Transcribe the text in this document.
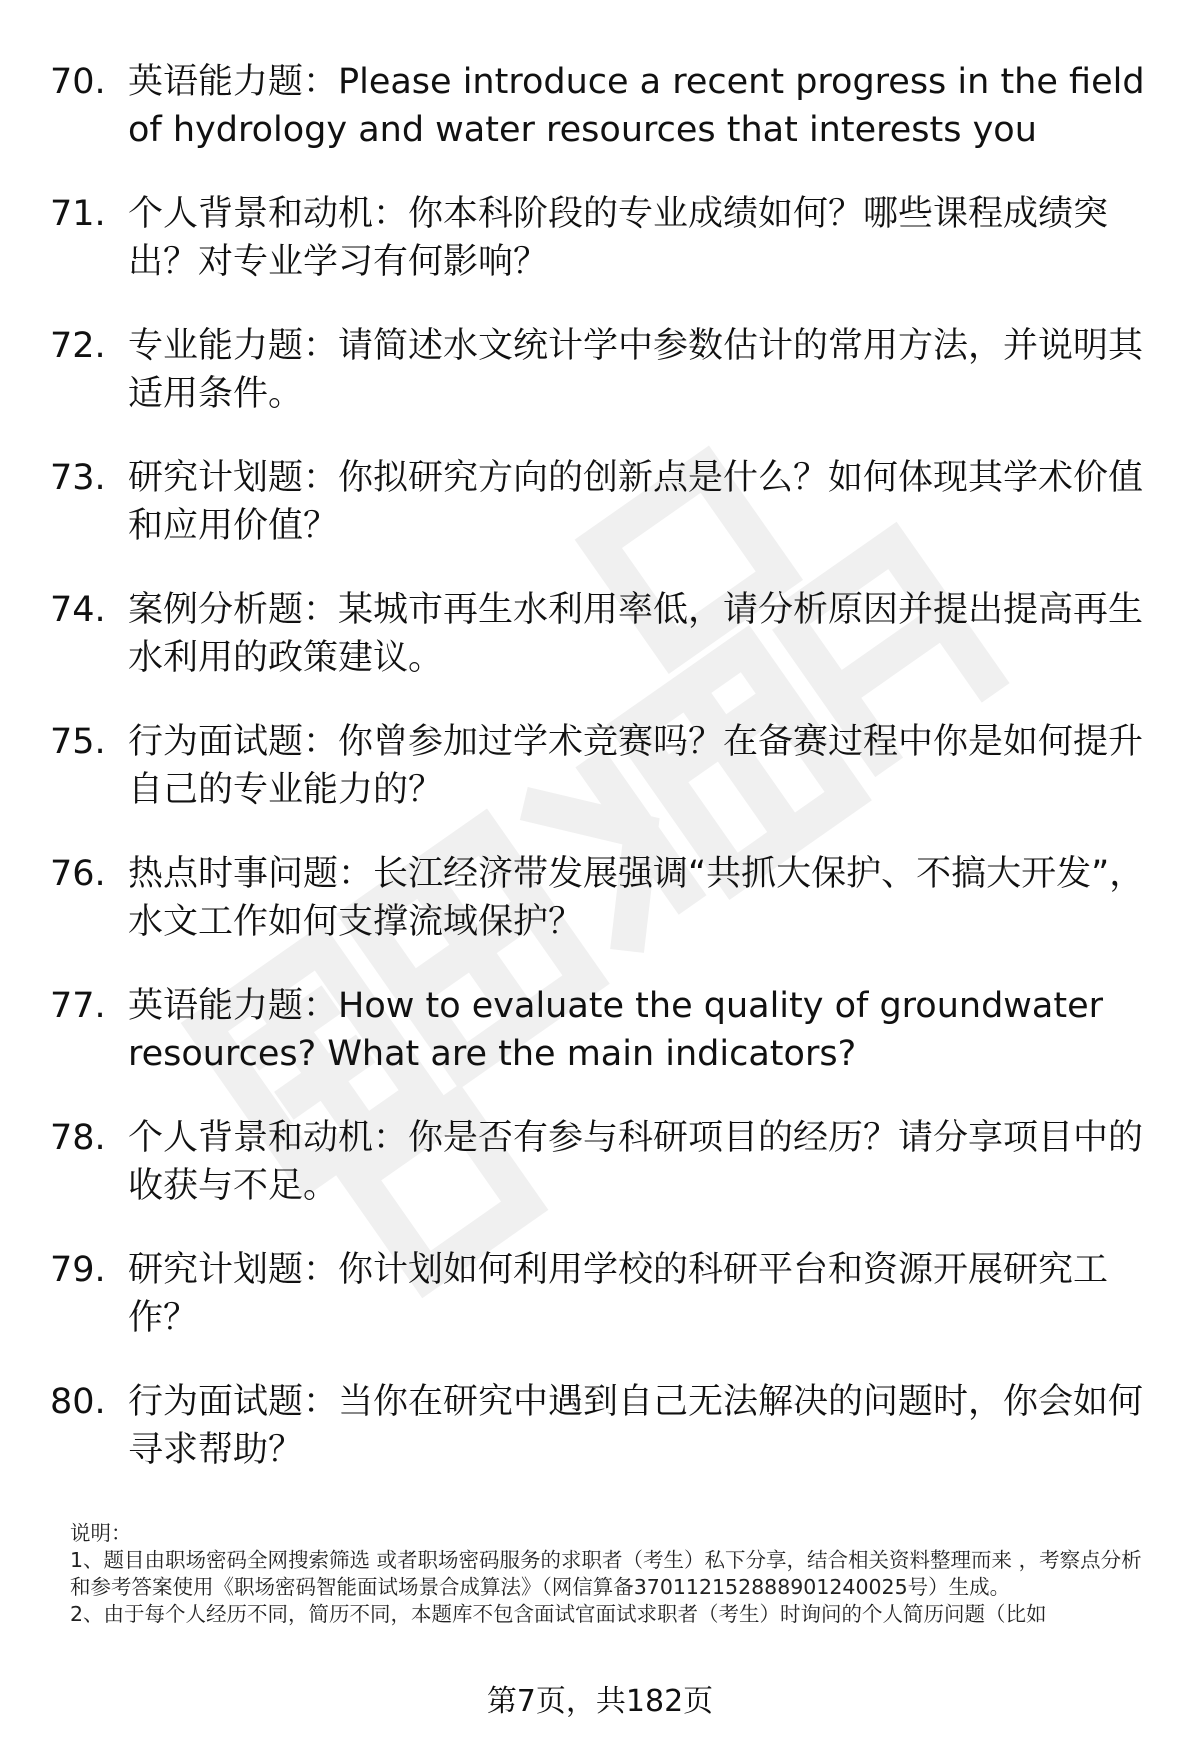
70. 英语能力题：Please introduce a recent progress in the field of hydrology and water resources that interests you
71. 个人背景和动机：你本科阶段的专业成绩如何？哪些课程成绩突出？对专业学习有何影响？
72. 专业能力题：请简述水文统计学中参数估计的常用方法，并说明其适用条件。
73. 研究计划题：你拟研究方向的创新点是什么？如何体现其学术价值和应用价值？
74. 案例分析题：某城市再生水利用率低，请分析原因并提出提高再生水利用的政策建议。
75. 行为面试题：你曾参加过学术竞赛吗？在备赛过程中你是如何提升自己的专业能力的？
76. 热点时事问题：长江经济带发展强调“共抓大保护、不搞大开发”，水文工作如何支撑流域保护？
77. 英语能力题：How to evaluate the quality of groundwater resources? What are the main indicators?
78. 个人背景和动机：你是否有参与科研项目的经历？请分享项目中的收获与不足。
79. 研究计划题：你计划如何利用学校的科研平台和资源开展研究工作？
80. 行为面试题：当你在研究中遇到自己无法解决的问题时，你会如何寻求帮助？

说明：

1、题目由职场密码全网搜索筛选 或者职场密码服务的求职者（考生）私下分享，结合相关资料整理而来 ，考察点分析和参考答案使用《职场密码智能面试场景合成算法》（网信算备370112152888901240025号）生成。

2、由于每个人经历不同，简历不同，本题库不包含面试官面试求职者（考生）时询问的个人简历问题（比如

第7页，共182页
